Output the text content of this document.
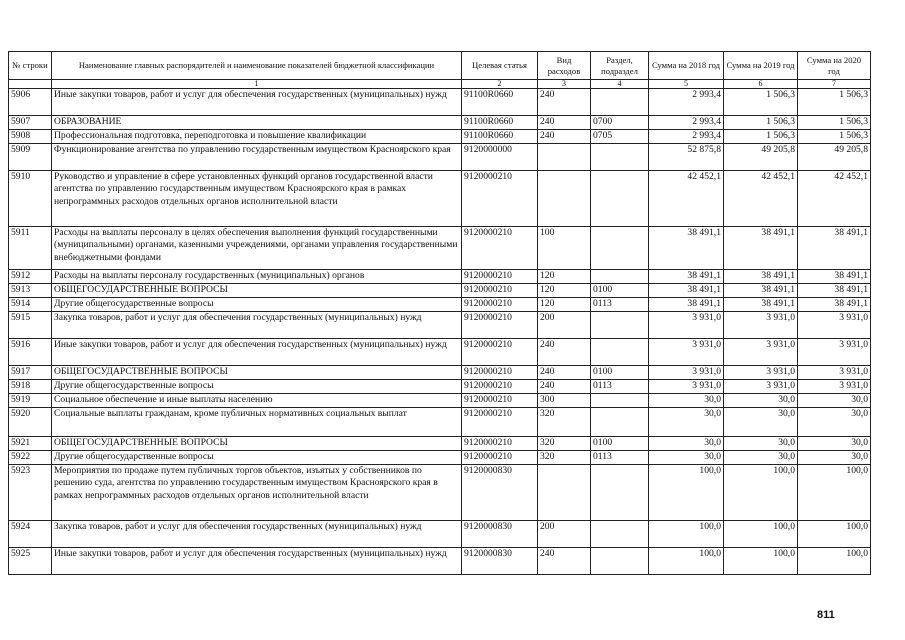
№ строки	Наименование главных распорядителей и наименование показателей бюджетной классификации	Целевая статья	Вид расходов	Раздел, подраздел	Сумма на 2018 год	Сумма на 2019 год	Сумма на 2020 год
	1	2	3	4	5	6	7
5906	Иные закупки товаров, работ и услуг для обеспечения государственных (муниципальных) нужд	91100R0660	240		2 993,4	1 506,3	1 506,3
5907	ОБРАЗОВАНИЕ	91100R0660	240	0700	2 993,4	1 506,3	1 506,3
5908	Профессиональная подготовка, переподготовка и повышение квалификации	91100R0660	240	0705	2 993,4	1 506,3	1 506,3
5909	Функционирование агентства по управлению государственным имуществом Красноярского края	9120000000			52 875,8	49 205,8	49 205,8
5910	Руководство и управление в сфере установленных функций органов государственной власти агентства по управлению государственным имуществом Красноярского края в рамках непрограммных расходов отдельных органов исполнительной власти	9120000210			42 452,1	42 452,1	42 452,1
5911	Расходы на выплаты персоналу в целях обеспечения выполнения функций государственными (муниципальными) органами, казенными учреждениями, органами управления государственными внебюджетными фондами	9120000210	100		38 491,1	38 491,1	38 491,1
5912	Расходы на выплаты персоналу государственных (муниципальных) органов	9120000210	120		38 491,1	38 491,1	38 491,1
5913	ОБЩЕГОСУДАРСТВЕННЫЕ ВОПРОСЫ	9120000210	120	0100	38 491,1	38 491,1	38 491,1
5914	Другие общегосударственные вопросы	9120000210	120	0113	38 491,1	38 491,1	38 491,1
5915	Закупка товаров, работ и услуг для обеспечения государственных (муниципальных) нужд	9120000210	200		3 931,0	3 931,0	3 931,0
5916	Иные закупки товаров, работ и услуг для обеспечения государственных (муниципальных) нужд	9120000210	240		3 931,0	3 931,0	3 931,0
5917	ОБЩЕГОСУДАРСТВЕННЫЕ ВОПРОСЫ	9120000210	240	0100	3 931,0	3 931,0	3 931,0
5918	Другие общегосударственные вопросы	9120000210	240	0113	3 931,0	3 931,0	3 931,0
5919	Социальное обеспечение и иные выплаты населению	9120000210	300		30,0	30,0	30,0
5920	Социальные выплаты гражданам, кроме публичных нормативных социальных выплат	9120000210	320		30,0	30,0	30,0
5921	ОБЩЕГОСУДАРСТВЕННЫЕ ВОПРОСЫ	9120000210	320	0100	30,0	30,0	30,0
5922	Другие общегосударственные вопросы	9120000210	320	0113	30,0	30,0	30,0
5923	Мероприятия по продаже путем публичных торгов объектов, изъятых у собственников по решению суда, агентства по управлению государственным имуществом Красноярского края в рамках непрограммных расходов отдельных органов исполнительной власти	9120000830			100,0	100,0	100,0
5924	Закупка товаров, работ и услуг для обеспечения государственных (муниципальных) нужд	9120000830	200		100,0	100,0	100,0
5925	Иные закупки товаров, работ и услуг для обеспечения государственных (муниципальных) нужд	9120000830	240		100,0	100,0	100,0
811
